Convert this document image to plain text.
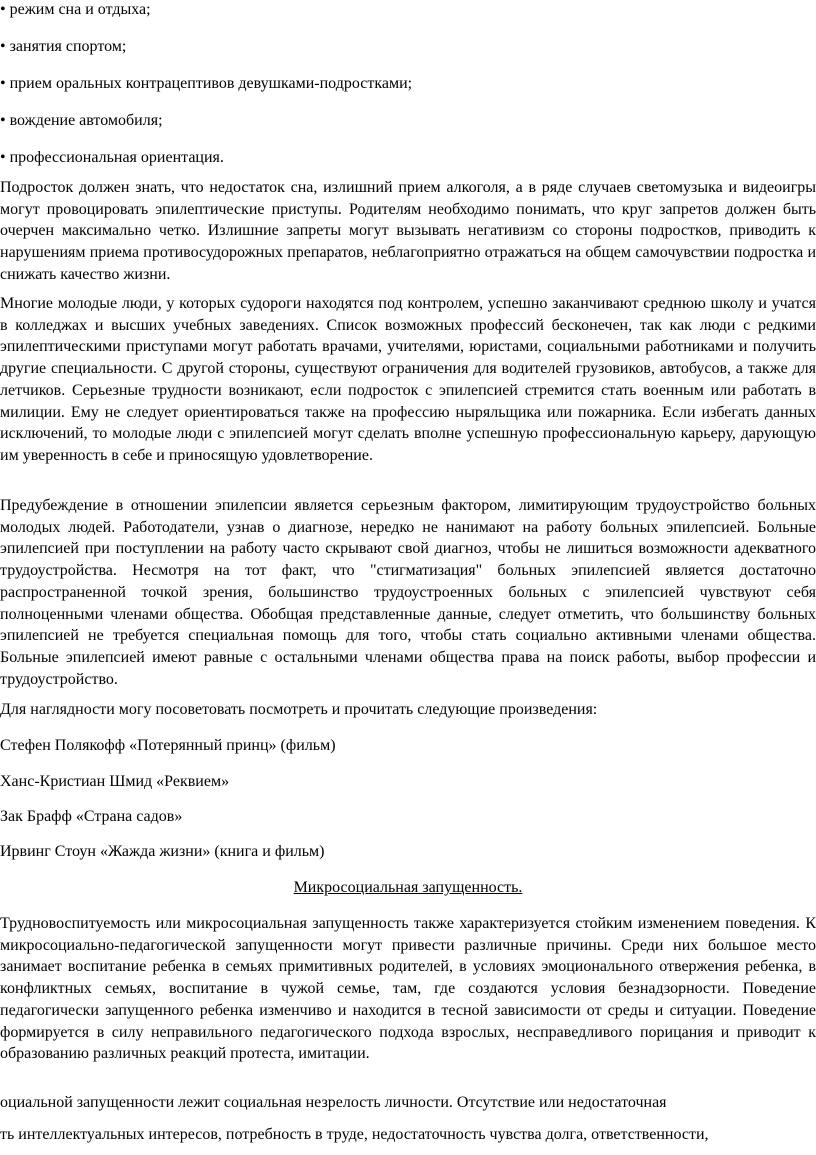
• режим сна и отдыха;

• занятия спортом;

• прием оральных контрацептивов девушками-подростками;

• вождение автомобиля;

• профессиональная ориентация.

Подросток должен знать, что недостаток сна, излишний прием алкоголя, а в ряде случаев светомузыка и видеоигры могут провоцировать эпилептические приступы. Родителям необходимо понимать, что круг запретов должен быть очерчен максимально четко. Излишние запреты могут вызывать негативизм со стороны подростков, приводить к нарушениям приема противосудорожных препаратов, неблагоприятно отражаться на общем самочувствии подростка и снижать качество жизни.

Многие молодые люди, у которых судороги находятся под контролем, успешно заканчивают среднюю школу и учатся в колледжах и высших учебных заведениях. Список возможных профессий бесконечен, так как люди с редкими эпилептическими приступами могут работать врачами, учителями, юристами, социальными работниками и получить другие специальности. С другой стороны, существуют ограничения для водителей грузовиков, автобусов, а также для летчиков. Серьезные трудности возникают, если подросток с эпилепсией стремится стать военным или работать в милиции. Ему не следует ориентироваться также на профессию ныряльщика или пожарника. Если избегать данных исключений, то молодые люди с эпилепсией могут сделать вполне успешную профессиональную карьеру, дарующую им уверенность в себе и приносящую удовлетворение.

Предубеждение в отношении эпилепсии является серьезным фактором, лимитирующим трудоустройство больных молодых людей. Работодатели, узнав о диагнозе, нередко не нанимают на работу больных эпилепсией. Больные эпилепсией при поступлении на работу часто скрывают свой диагноз, чтобы не лишиться возможности адекватного трудоустройства. Несмотря на тот факт, что "стигматизация" больных эпилепсией является достаточно распространенной точкой зрения, большинство трудоустроенных больных с эпилепсией чувствуют себя полноценными членами общества. Обобщая представленные данные, следует отметить, что большинству больных эпилепсией не требуется специальная помощь для того, чтобы стать социально активными членами общества. Больные эпилепсией имеют равные с остальными членами общества права на поиск работы, выбор профессии и трудоустройство.

Для наглядности могу посоветовать посмотреть и прочитать следующие произведения:

Стефен Полякофф «Потерянный принц» (фильм)

Ханс-Кристиан Шмид «Реквием»

Зак Брафф «Страна садов»

Ирвинг Стоун «Жажда жизни» (книга и фильм)

Микросоциальная запущенность.

Трудновоспитуемость или микросоциальная запущенность также характеризуется стойким изменением поведения. К микросоциально-педагогической запущенности могут привести различные причины. Среди них большое место занимает воспитание ребенка в семьях примитивных родителей, в условиях эмоционального отвержения ребенка, в конфликтных семьях, воспитание в чужой семье, там, где создаются условия безнадзорности. Поведение педагогически запущенного ребенка изменчиво и находится в тесной зависимости от среды и ситуации. Поведение формируется в силу неправильного педагогического подхода взрослых, несправедливого порицания и приводит к образованию различных реакций протеста, имитации.

оциальной запущенности лежит социальная незрелость личности. Отсутствие или недостаточная

ть интеллектуальных интересов, потребность в труде, недостаточность чувства долга, ответственности,
